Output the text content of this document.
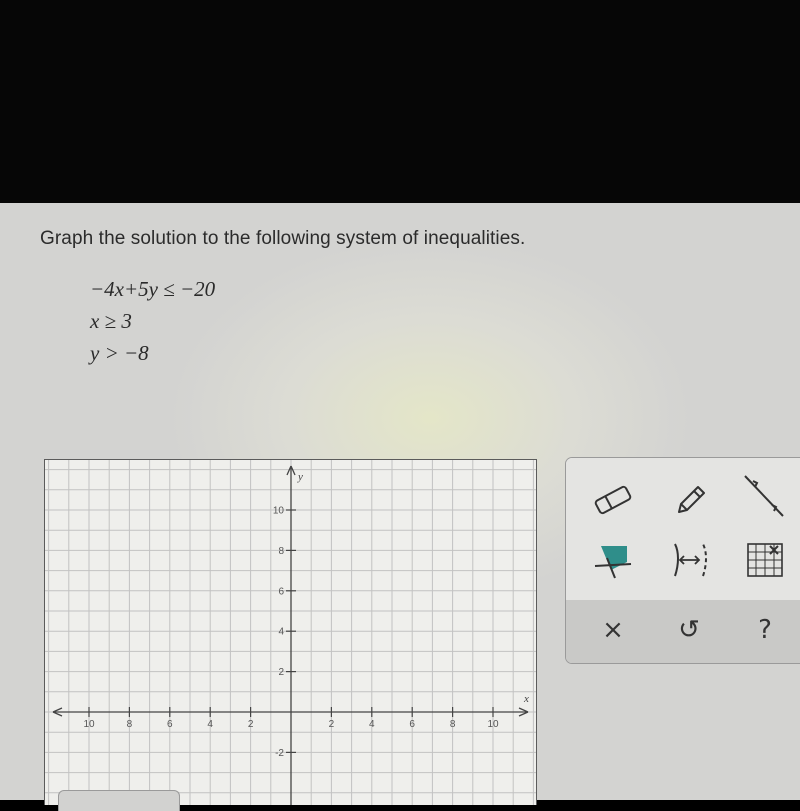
Graph the solution to the following system of inequalities.

−4x+5y ≤ −20

x ≥ 3

y > −8

10	8	6	4	2	2	4	6	8	10
10
8
6
4
2
-2
x
y
× ↺ ?
